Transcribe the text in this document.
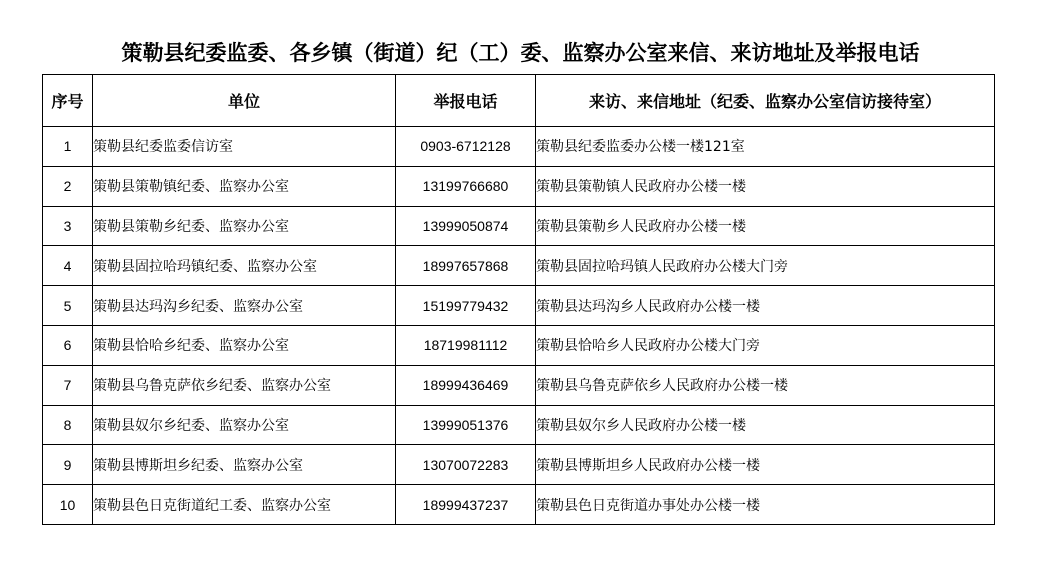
策勒县纪委监委、各乡镇（街道）纪（工）委、监察办公室来信、来访地址及举报电话
序号	单位	举报电话	来访、来信地址（纪委、监察办公室信访接待室）
1	策勒县纪委监委信访室	0903-6712128	策勒县纪委监委办公楼一楼121室
2	策勒县策勒镇纪委、监察办公室	13199766680	策勒县策勒镇人民政府办公楼一楼
3	策勒县策勒乡纪委、监察办公室	13999050874	策勒县策勒乡人民政府办公楼一楼
4	策勒县固拉哈玛镇纪委、监察办公室	18997657868	策勒县固拉哈玛镇人民政府办公楼大门旁
5	策勒县达玛沟乡纪委、监察办公室	15199779432	策勒县达玛沟乡人民政府办公楼一楼
6	策勒县恰哈乡纪委、监察办公室	18719981112	策勒县恰哈乡人民政府办公楼大门旁
7	策勒县乌鲁克萨依乡纪委、监察办公室	18999436469	策勒县乌鲁克萨依乡人民政府办公楼一楼
8	策勒县奴尔乡纪委、监察办公室	13999051376	策勒县奴尔乡人民政府办公楼一楼
9	策勒县博斯坦乡纪委、监察办公室	13070072283	策勒县博斯坦乡人民政府办公楼一楼
10	策勒县色日克街道纪工委、监察办公室	18999437237	策勒县色日克街道办事处办公楼一楼
